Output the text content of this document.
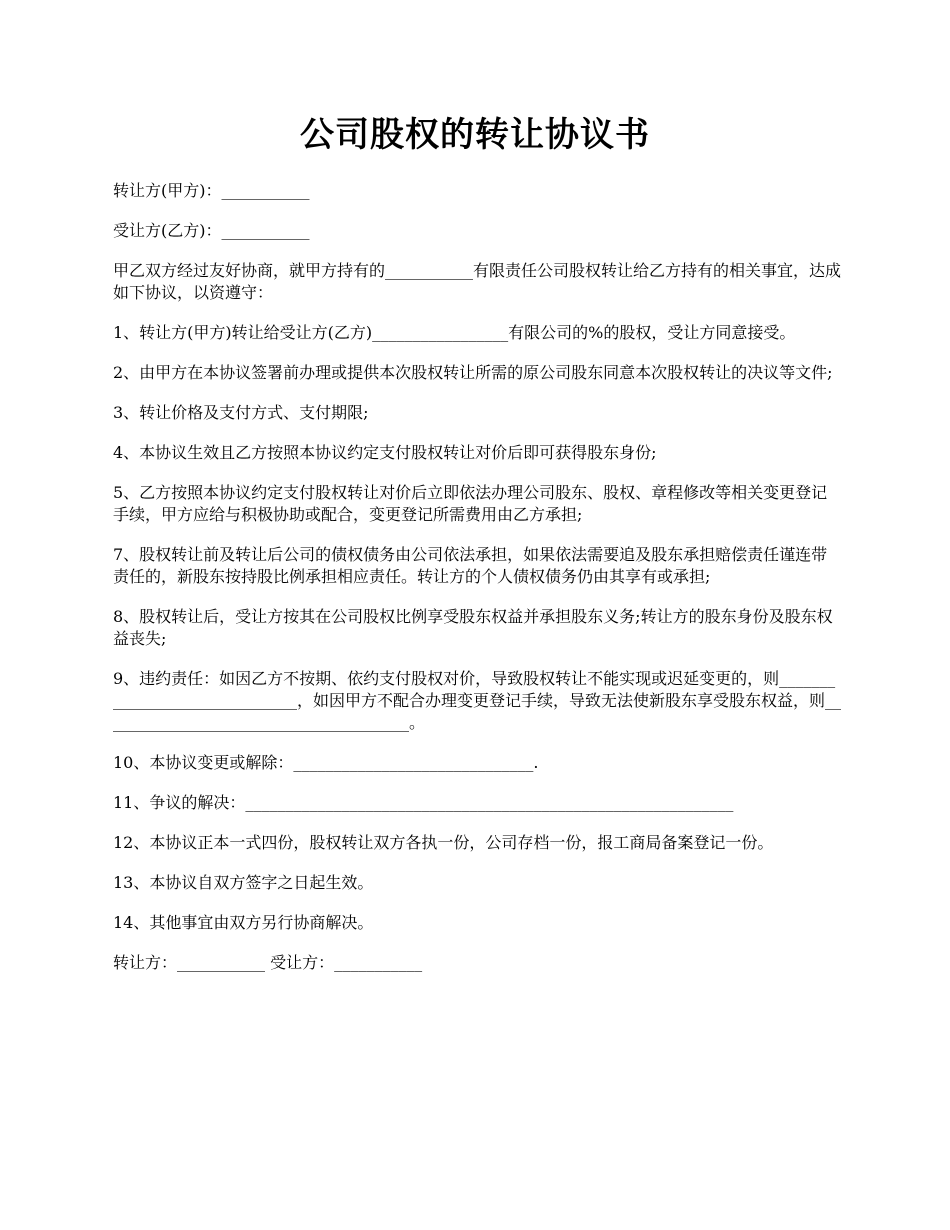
公司股权的转让协议书

转让方(甲方)：___________

受让方(乙方)：___________

甲乙双方经过友好协商，就甲方持有的___________有限责任公司股权转让给乙方持有的相关事宜，达成如下协议，以资遵守：

1、转让方(甲方)转让给受让方(乙方)_________________有限公司的%的股权，受让方同意接受。

2、由甲方在本协议签署前办理或提供本次股权转让所需的原公司股东同意本次股权转让的决议等文件;

3、转让价格及支付方式、支付期限;

4、本协议生效且乙方按照本协议约定支付股权转让对价后即可获得股东身份;

5、乙方按照本协议约定支付股权转让对价后立即依法办理公司股东、股权、章程修改等相关变更登记手续，甲方应给与积极协助或配合，变更登记所需费用由乙方承担;

7、股权转让前及转让后公司的债权债务由公司依法承担，如果依法需要追及股东承担赔偿责任谨连带责任的，新股东按持股比例承担相应责任。转让方的个人债权债务仍由其享有或承担;

8、股权转让后，受让方按其在公司股权比例享受股东权益并承担股东义务;转让方的股东身份及股东权益丧失;

9、违约责任：如因乙方不按期、依约支付股权对价，导致股权转让不能实现或迟延变更的，则______________________________，如因甲方不配合办理变更登记手续，导致无法使新股东享受股东权益，则_______________________________________。

10、本协议变更或解除：______________________________.

11、争议的解决：_____________________________________________________________

12、本协议正本一式四份，股权转让双方各执一份，公司存档一份，报工商局备案登记一份。

13、本协议自双方签字之日起生效。

14、其他事宜由双方另行协商解决。

转让方：___________ 受让方：___________
